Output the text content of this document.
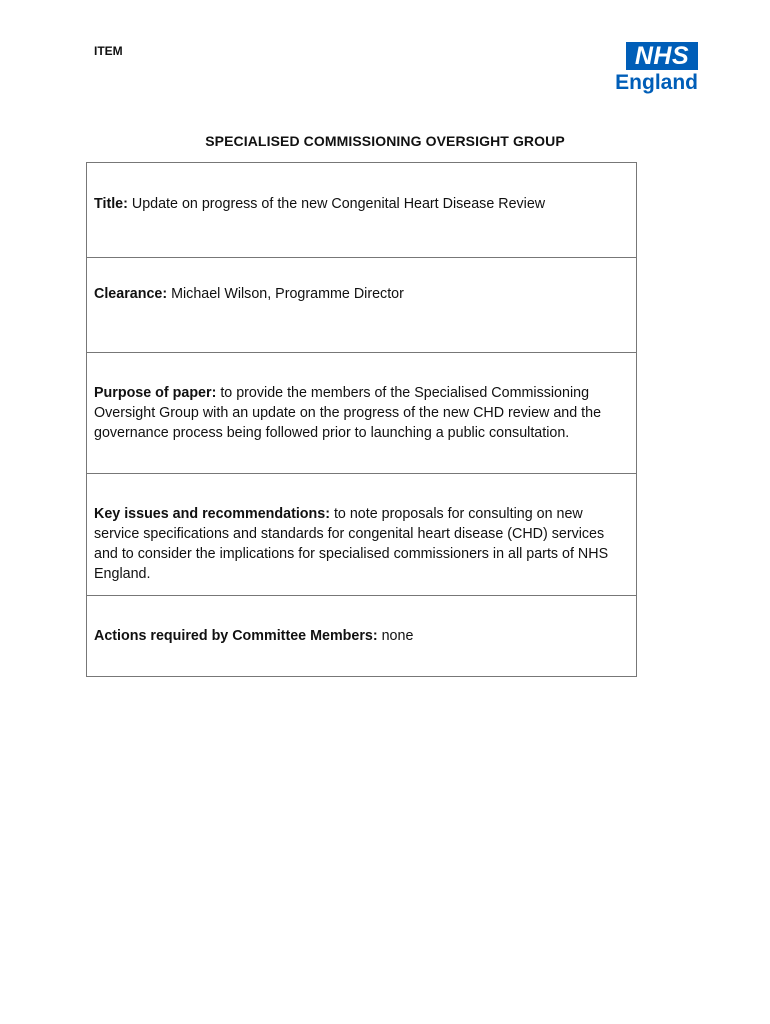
ITEM	NHS
England
SPECIALISED COMMISSIONING OVERSIGHT GROUP
Title: Update on progress of the new Congenital Heart Disease Review
Clearance: Michael Wilson, Programme Director
Purpose of paper: to provide the members of the Specialised Commissioning Oversight Group with an update on the progress of the new CHD review and the governance process being followed prior to launching a public consultation.
Key issues and recommendations: to note proposals for consulting on new service specifications and standards for congenital heart disease (CHD) services and to consider the implications for specialised commissioners in all parts of NHS England.
Actions required by Committee Members: none
